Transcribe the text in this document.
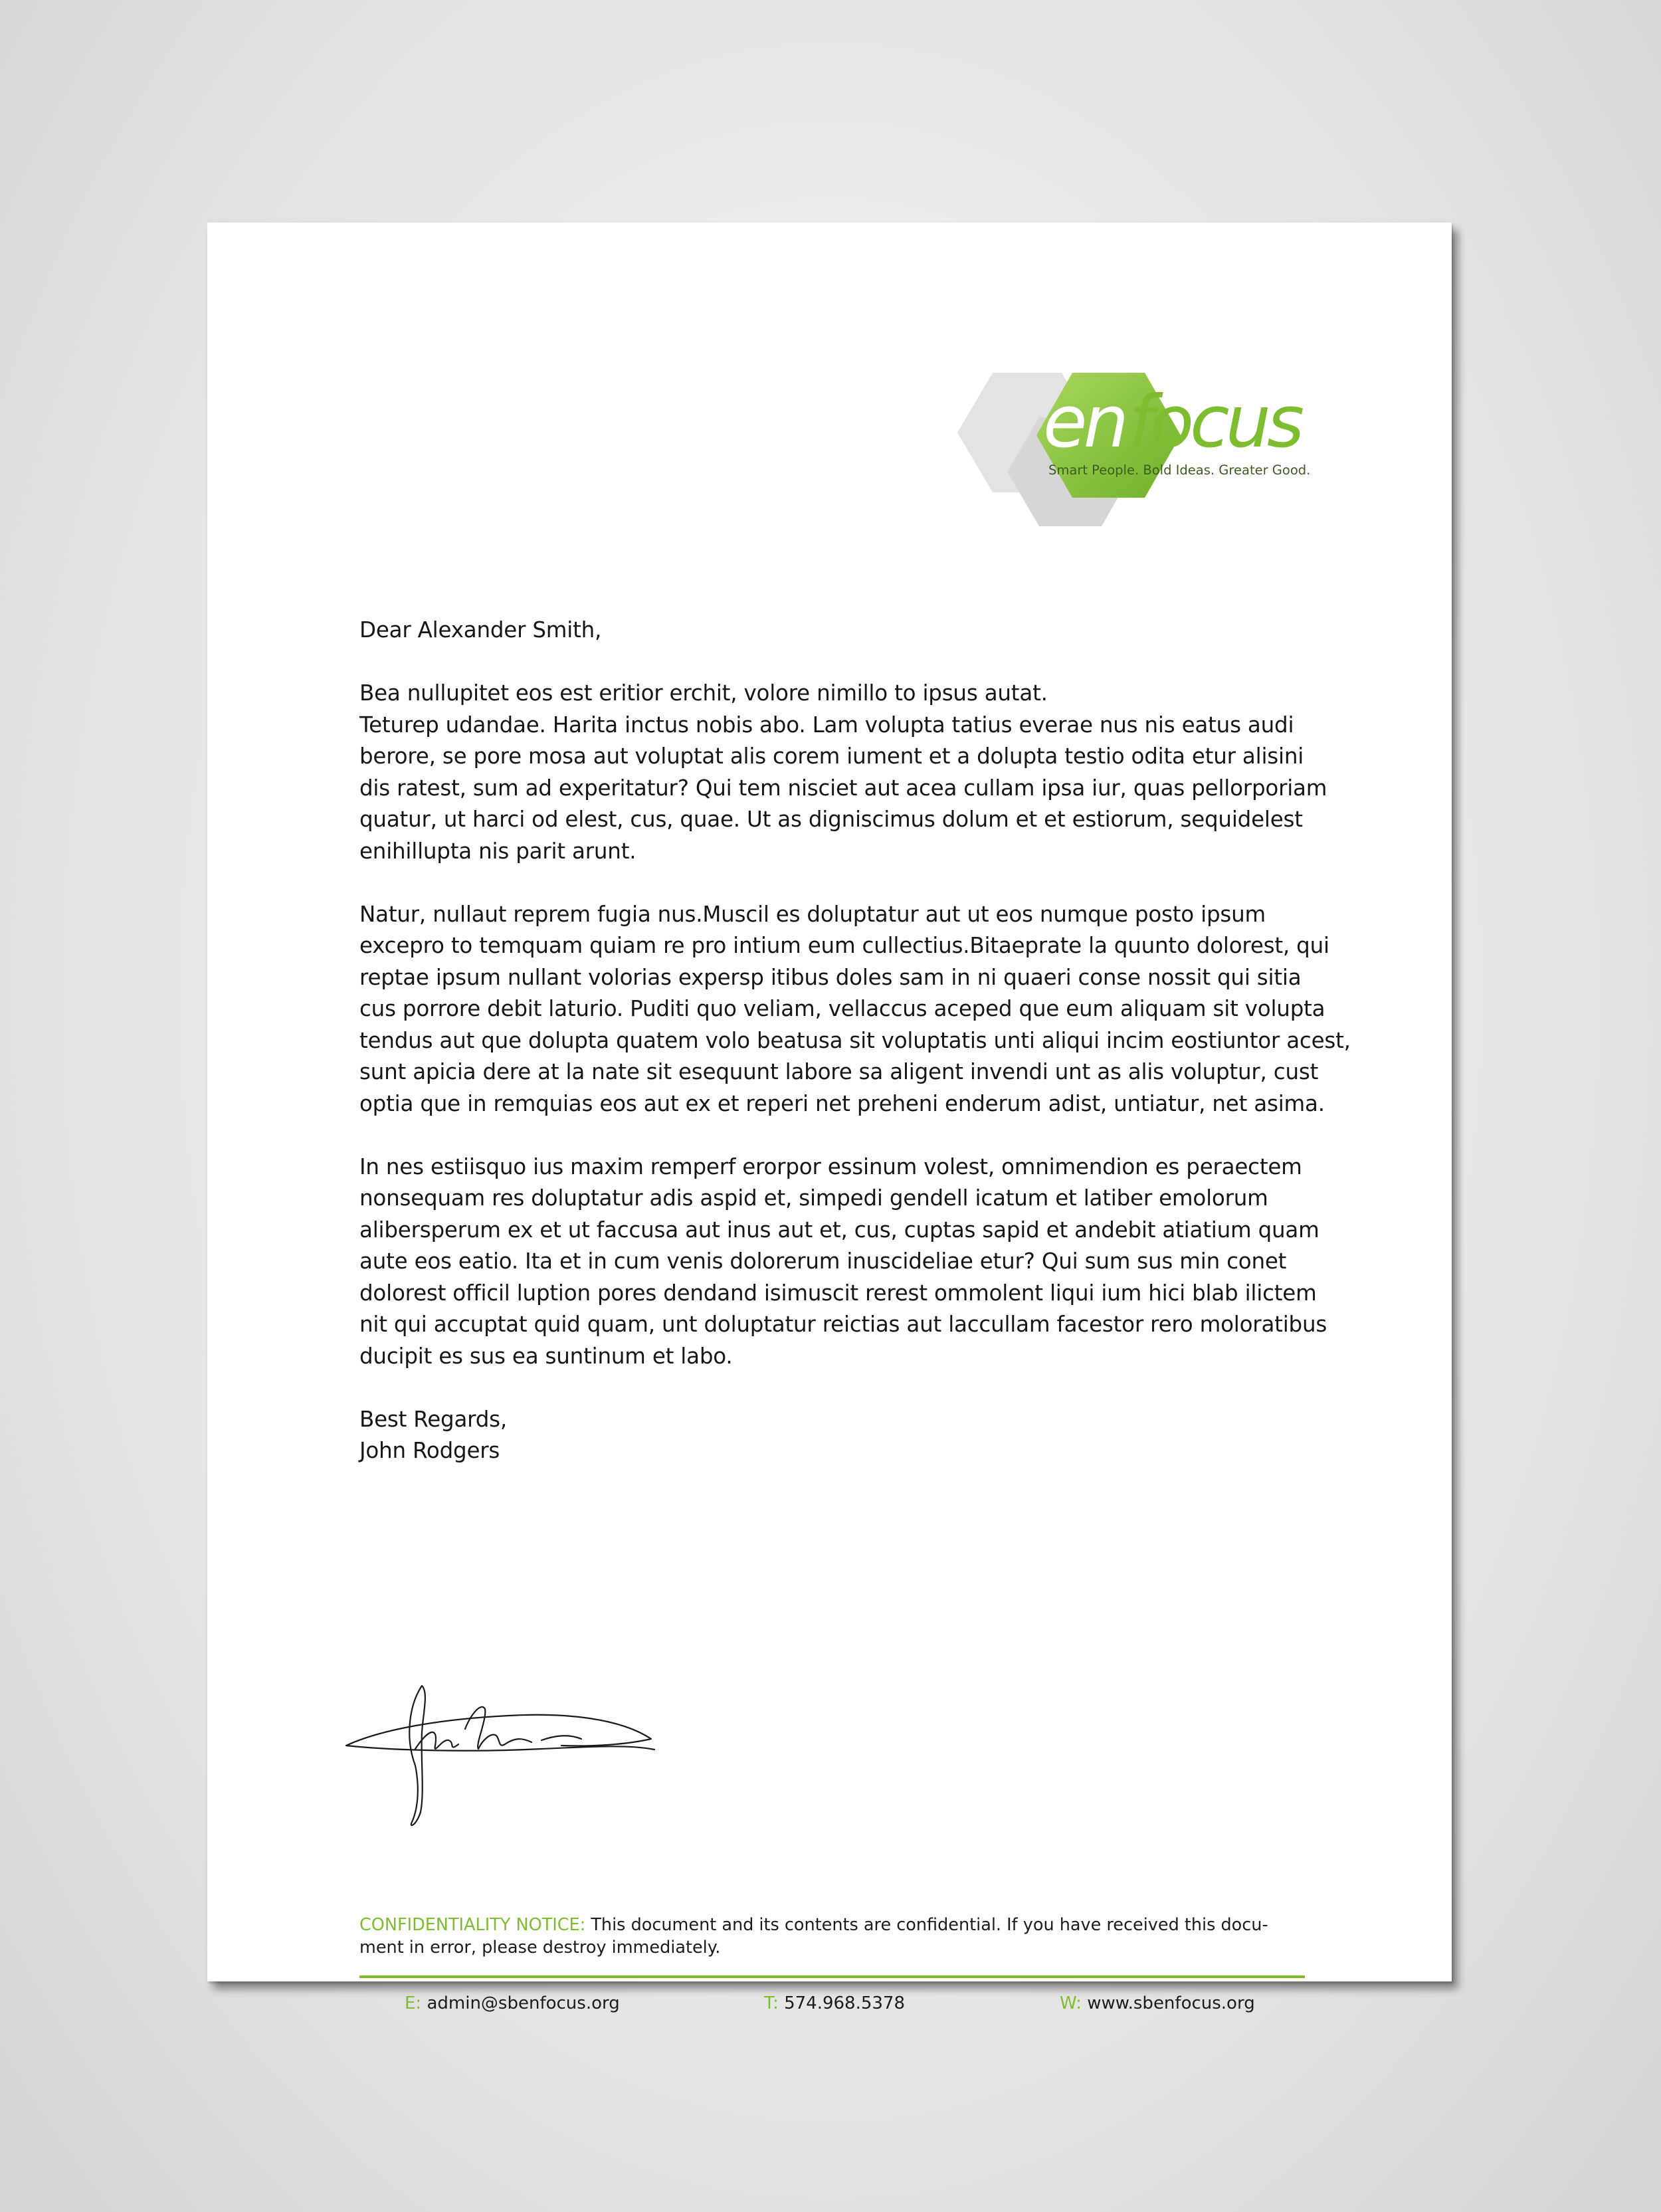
en focus
Smart People. Bold Ideas. Greater Good.

Dear Alexander Smith,

Bea nullupitet eos est eritior erchit, volore nimillo to ipsus autat.
Teturep udandae. Harita inctus nobis abo. Lam volupta tatius everae nus nis eatus audi
berore, se pore mosa aut voluptat alis corem iument et a dolupta testio odita etur alisini
dis ratest, sum ad experitatur? Qui tem nisciet aut acea cullam ipsa iur, quas pellorporiam
quatur, ut harci od elest, cus, quae. Ut as digniscimus dolum et et estiorum, sequidelest
enihillupta nis parit arunt.

Natur, nullaut reprem fugia nus.Muscil es doluptatur aut ut eos numque posto ipsum
excepro to temquam quiam re pro intium eum cullectius.Bitaeprate la quunto dolorest, qui
reptae ipsum nullant volorias expersp itibus doles sam in ni quaeri conse nossit qui sitia
cus porrore debit laturio. Puditi quo veliam, vellaccus aceped que eum aliquam sit volupta
tendus aut que dolupta quatem volo beatusa sit voluptatis unti aliqui incim eostiuntor acest,
sunt apicia dere at la nate sit esequunt labore sa aligent invendi unt as alis voluptur, cust
optia que in remquias eos aut ex et reperi net preheni enderum adist, untiatur, net asima.

In nes estiisquo ius maxim remperf erorpor essinum volest, omnimendion es peraectem
nonsequam res doluptatur adis aspid et, simpedi gendell icatum et latiber emolorum
alibersperum ex et ut faccusa aut inus aut et, cus, cuptas sapid et andebit atiatium quam
aute eos eatio. Ita et in cum venis dolorerum inuscideliae etur? Qui sum sus min conet
dolorest officil luption pores dendand isimuscit rerest ommolent liqui ium hici blab ilictem
nit qui accuptat quid quam, unt doluptatur reictias aut laccullam facestor rero moloratibus
ducipit es sus ea suntinum et labo.

Best Regards,

John Rodgers

CONFIDENTIALITY NOTICE: This document and its contents are confidential. If you have received this docu-
ment in error, please destroy immediately.
E: admin@sbenfocus.org	T: 574.968.5378	W: www.sbenfocus.org
